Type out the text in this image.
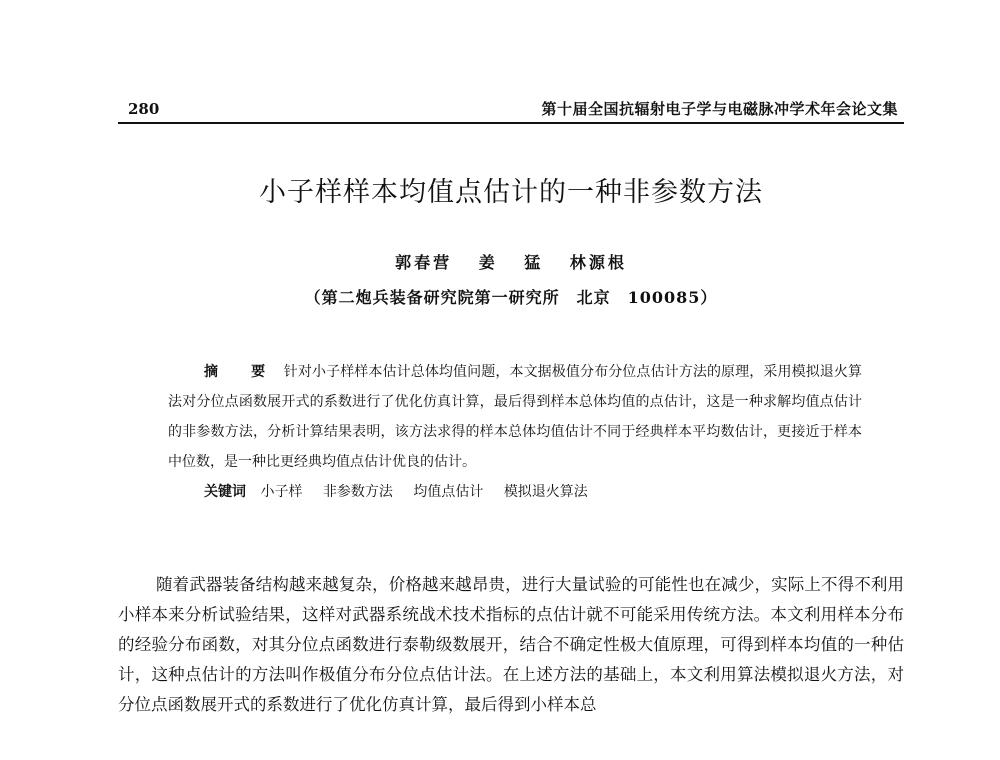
280	第十届全国抗辐射电子学与电磁脉冲学术年会论文集
小子样样本均值点估计的一种非参数方法
郭春营 姜 猛 林源根
（第二炮兵装备研究院第一研究所　北京　100085）

摘 要 针对小子样样本估计总体均值问题，本文据极值分布分位点估计方法的原理，采用模拟退火算法对分位点函数展开式的系数进行了优化仿真计算，最后得到样本总体均值的点估计，这是一种求解均值点估计的非参数方法，分析计算结果表明，该方法求得的样本总体均值估计不同于经典样本平均数估计，更接近于样本中位数，是一种比更经典均值点估计优良的估计。

关键词 小子样 非参数方法 均值点估计 模拟退火算法

随着武器装备结构越来越复杂，价格越来越昂贵，进行大量试验的可能性也在减少，实际上不得不利用小样本来分析试验结果，这样对武器系统战术技术指标的点估计就不可能采用传统方法。本文利用样本分布的经验分布函数，对其分位点函数进行泰勒级数展开，结合不确定性极大值原理，可得到样本均值的一种估计，这种点估计的方法叫作极值分布分位点估计法。在上述方法的基础上，本文利用算法模拟退火方法，对分位点函数展开式的系数进行了优化仿真计算，最后得到小样本总
